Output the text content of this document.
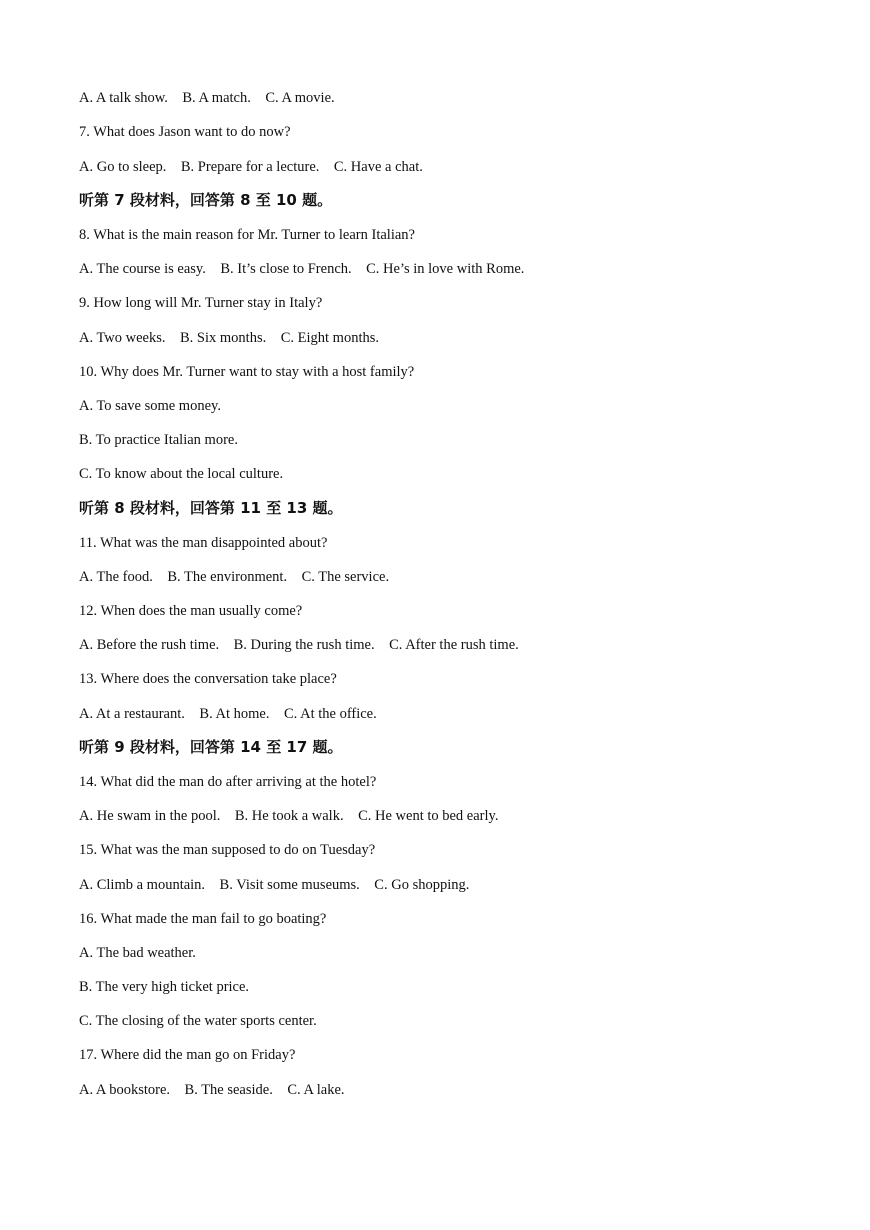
A. A talk show.    B. A match.    C. A movie.
7. What does Jason want to do now?
A. Go to sleep.    B. Prepare for a lecture.    C. Have a chat.
听第 7 段材料，回答第 8 至 10 题。
8. What is the main reason for Mr. Turner to learn Italian?
A. The course is easy.    B. It’s close to French.    C. He’s in love with Rome.
9. How long will Mr. Turner stay in Italy?
A. Two weeks.    B. Six months.    C. Eight months.
10. Why does Mr. Turner want to stay with a host family?
A. To save some money.
B. To practice Italian more.
C. To know about the local culture.
听第 8 段材料，回答第 11 至 13 题。
11. What was the man disappointed about?
A. The food.    B. The environment.    C. The service.
12. When does the man usually come?
A. Before the rush time.    B. During the rush time.    C. After the rush time.
13. Where does the conversation take place?
A. At a restaurant.    B. At home.    C. At the office.
听第 9 段材料，回答第 14 至 17 题。
14. What did the man do after arriving at the hotel?
A. He swam in the pool.    B. He took a walk.    C. He went to bed early.
15. What was the man supposed to do on Tuesday?
A. Climb a mountain.    B. Visit some museums.    C. Go shopping.
16. What made the man fail to go boating?
A. The bad weather.
B. The very high ticket price.
C. The closing of the water sports center.
17. Where did the man go on Friday?
A. A bookstore.    B. The seaside.    C. A lake.
